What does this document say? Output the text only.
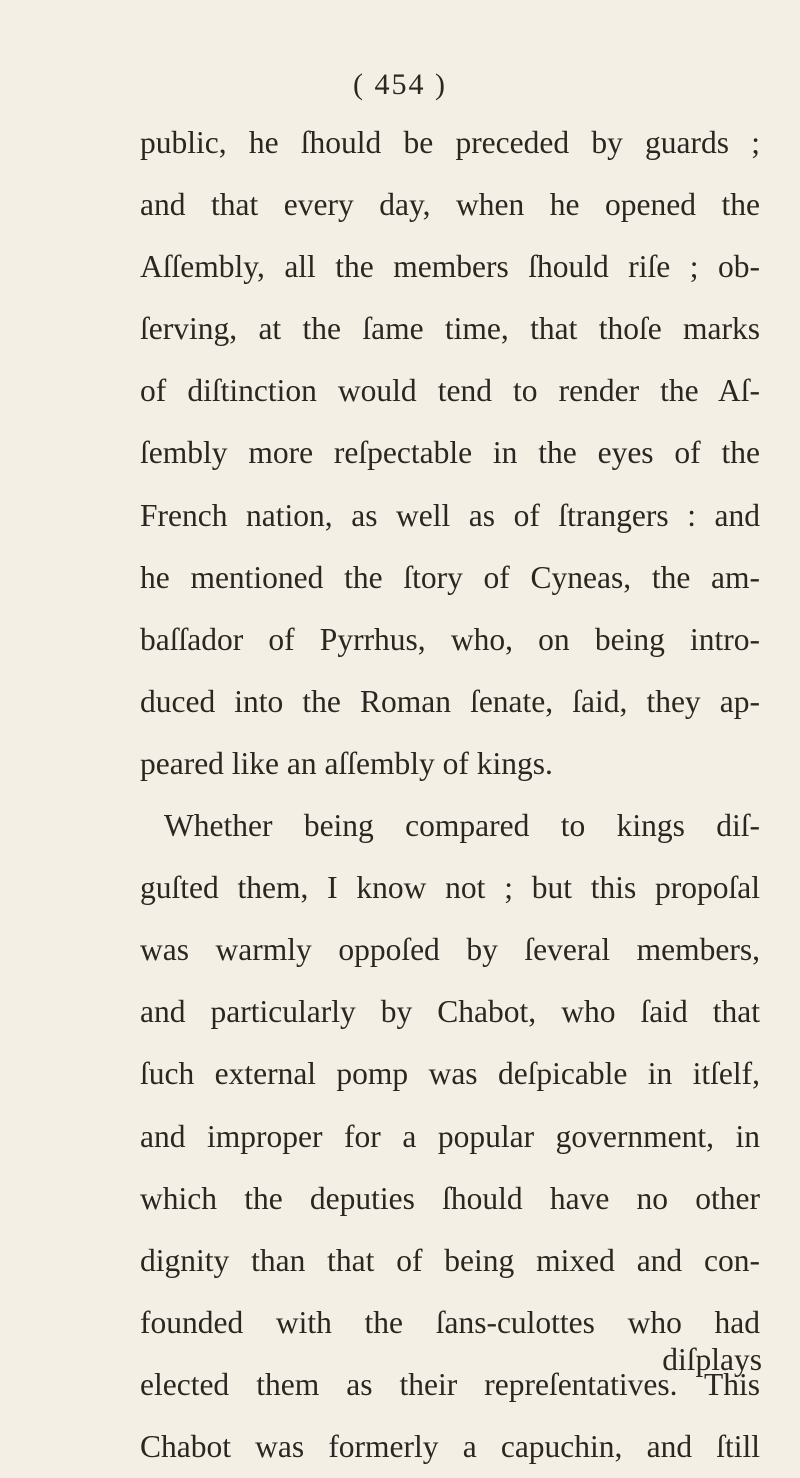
( 454 )
public, he ſhould be preceded by guards ;
and that every day, when he opened the
Aſſembly, all the members ſhould riſe ; ob-
ſerving, at the ſame time, that thoſe marks
of diſtinction would tend to render the Aſ-
ſembly more reſpectable in the eyes of the
French nation, as well as of ſtrangers : and
he mentioned the ſtory of Cyneas, the am-
baſſador of Pyrrhus, who, on being intro-
duced into the Roman ſenate, ſaid, they ap-
peared like an aſſembly of kings.
Whether being compared to kings diſ-
guſted them, I know not ; but this propoſal
was warmly oppoſed by ſeveral members,
and particularly by Chabot, who ſaid that
ſuch external pomp was deſpicable in itſelf,
and improper for a popular government, in
which the deputies ſhould have no other
dignity than that of being mixed and con-
founded with the ſans-culottes who had
elected them as their repreſentatives. This
Chabot was formerly a capuchin, and ſtill
diſplays
